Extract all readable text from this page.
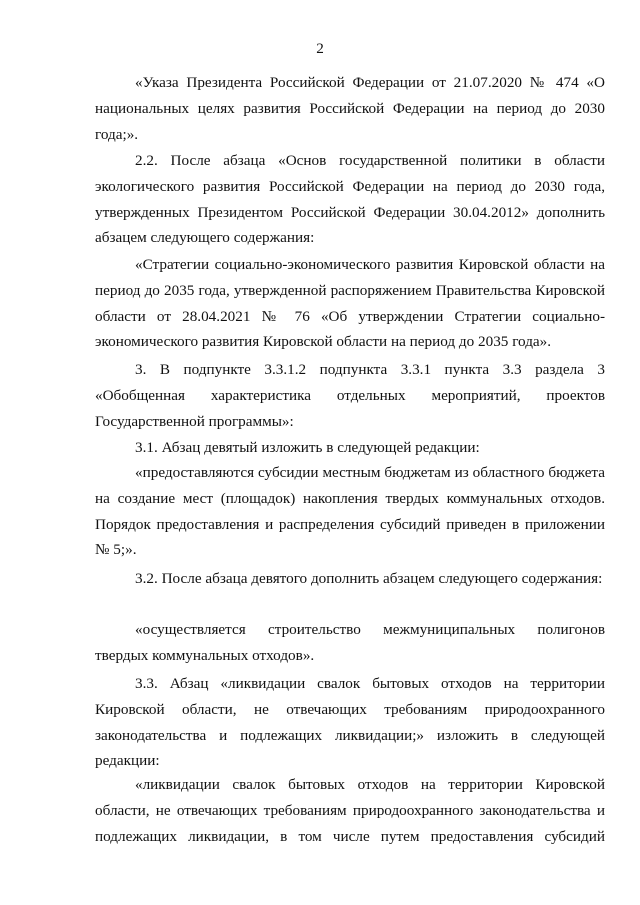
2
«Указа Президента Российской Федерации от 21.07.2020 № 474 «О национальных целях развития Российской Федерации на период до 2030 года;».
2.2. После абзаца «Основ государственной политики в области экологического развития Российской Федерации на период до 2030 года, утвержденных Президентом Российской Федерации 30.04.2012» дополнить абзацем следующего содержания:
«Стратегии социально-экономического развития Кировской области на период до 2035 года, утвержденной распоряжением Правительства Кировской области от 28.04.2021 № 76 «Об утверждении Стратегии социально-экономического развития Кировской области на период до 2035 года».
3. В подпункте 3.3.1.2 подпункта 3.3.1 пункта 3.3 раздела 3 «Обобщенная характеристика отдельных мероприятий, проектов Государственной программы»:
3.1. Абзац девятый изложить в следующей редакции:
«предоставляются субсидии местным бюджетам из областного бюджета на создание мест (площадок) накопления твердых коммунальных отходов. Порядок предоставления и распределения субсидий приведен в приложении № 5;».
3.2. После абзаца девятого дополнить абзацем следующего содержания:
«осуществляется строительство межмуниципальных полигонов твердых коммунальных отходов».
3.3. Абзац «ликвидации свалок бытовых отходов на территории Кировской области, не отвечающих требованиям природоохранного законодательства и подлежащих ликвидации;» изложить в следующей редакции:
«ликвидации свалок бытовых отходов на территории Кировской области, не отвечающих требованиям природоохранного законодательства и подлежащих ликвидации, в том числе путем предоставления субсидий
